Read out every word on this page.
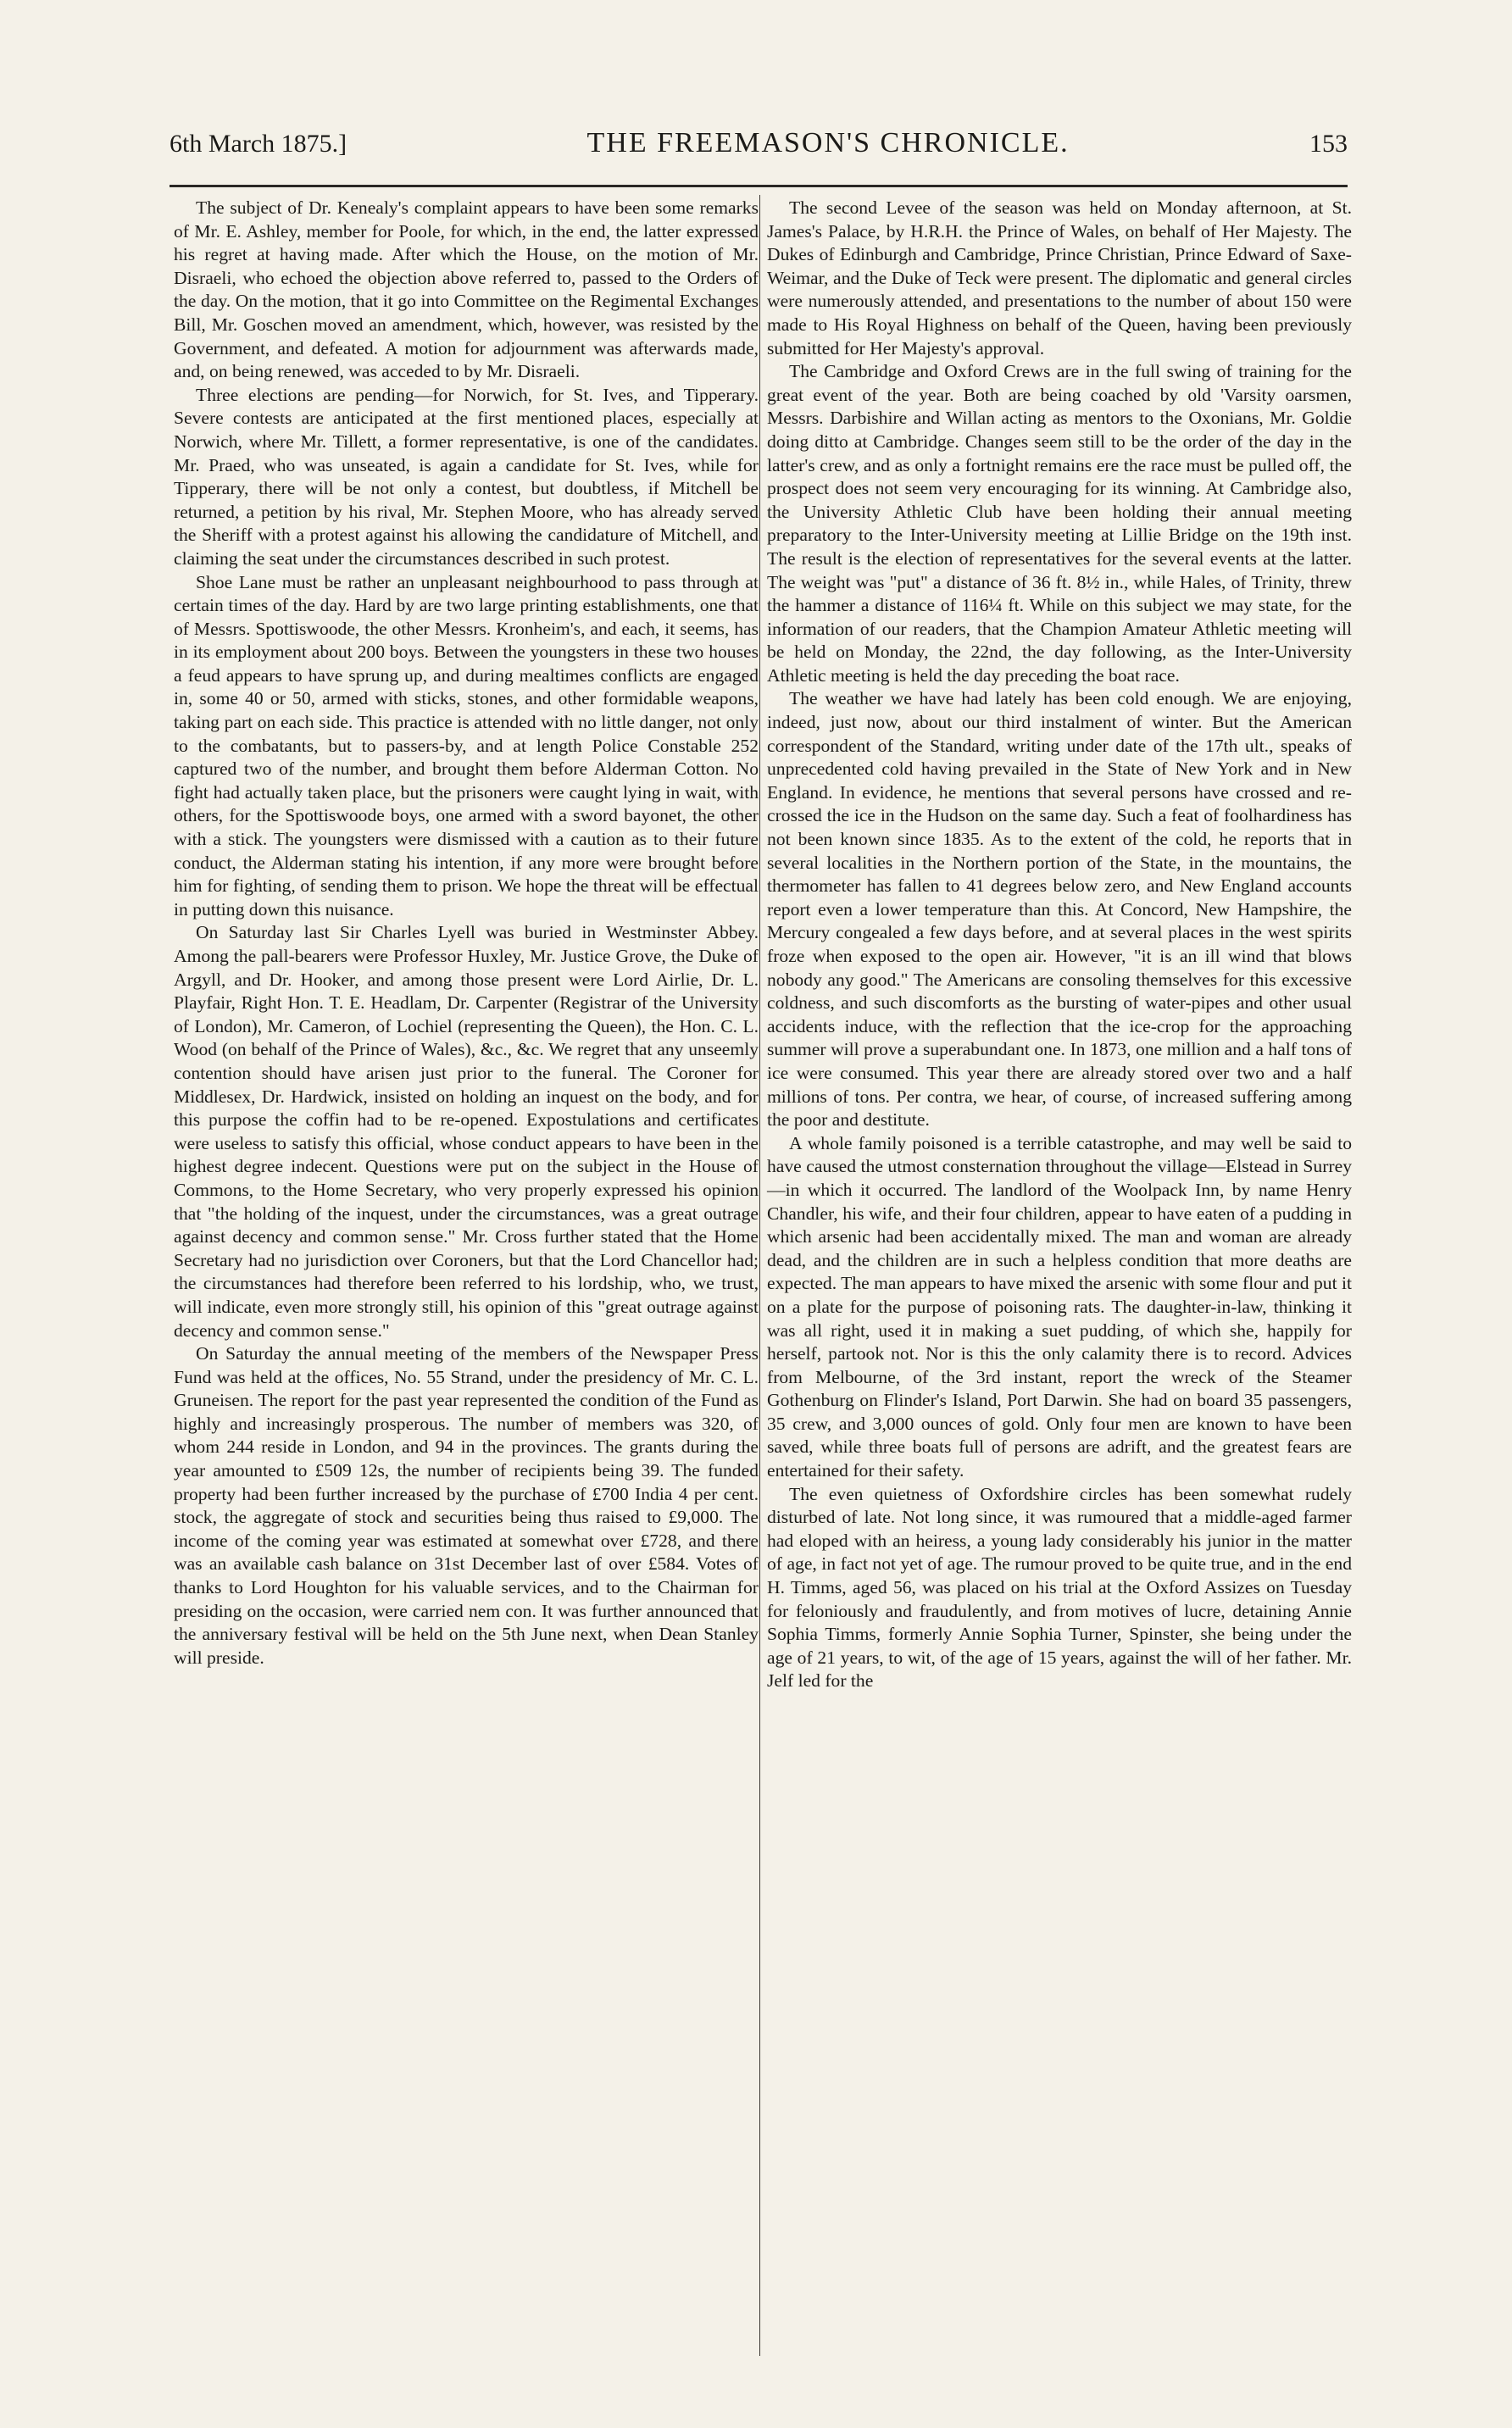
6th March 1875.]	THE FREEMASON'S CHRONICLE.	153

The subject of Dr. Kenealy's complaint appears to have been some remarks of Mr. E. Ashley, member for Poole, for which, in the end, the latter expressed his regret at having made. After which the House, on the motion of Mr. Disraeli, who echoed the objection above referred to, passed to the Orders of the day. On the motion, that it go into Committee on the Regimental Exchanges Bill, Mr. Goschen moved an amendment, which, however, was resisted by the Government, and defeated. A motion for adjournment was afterwards made, and, on being renewed, was acceded to by Mr. Disraeli.

Three elections are pending—for Norwich, for St. Ives, and Tipperary. Severe contests are anticipated at the first mentioned places, especially at Norwich, where Mr. Tillett, a former representative, is one of the candidates. Mr. Praed, who was unseated, is again a candidate for St. Ives, while for Tipperary, there will be not only a contest, but doubtless, if Mitchell be returned, a petition by his rival, Mr. Stephen Moore, who has already served the Sheriff with a protest against his allowing the candidature of Mitchell, and claiming the seat under the circumstances described in such protest.

Shoe Lane must be rather an unpleasant neighbourhood to pass through at certain times of the day. Hard by are two large printing establishments, one that of Messrs. Spottiswoode, the other Messrs. Kronheim's, and each, it seems, has in its employment about 200 boys. Between the youngsters in these two houses a feud appears to have sprung up, and during mealtimes conflicts are engaged in, some 40 or 50, armed with sticks, stones, and other formidable weapons, taking part on each side. This practice is attended with no little danger, not only to the combatants, but to passers-by, and at length Police Constable 252 captured two of the number, and brought them before Alderman Cotton. No fight had actually taken place, but the prisoners were caught lying in wait, with others, for the Spottiswoode boys, one armed with a sword bayonet, the other with a stick. The youngsters were dismissed with a caution as to their future conduct, the Alderman stating his intention, if any more were brought before him for fighting, of sending them to prison. We hope the threat will be effectual in putting down this nuisance.

On Saturday last Sir Charles Lyell was buried in Westminster Abbey. Among the pall-bearers were Professor Huxley, Mr. Justice Grove, the Duke of Argyll, and Dr. Hooker, and among those present were Lord Airlie, Dr. L. Playfair, Right Hon. T. E. Headlam, Dr. Carpenter (Registrar of the University of London), Mr. Cameron, of Lochiel (representing the Queen), the Hon. C. L. Wood (on behalf of the Prince of Wales), &c., &c. We regret that any unseemly contention should have arisen just prior to the funeral. The Coroner for Middlesex, Dr. Hardwick, insisted on holding an inquest on the body, and for this purpose the coffin had to be re-opened. Expostulations and certificates were useless to satisfy this official, whose conduct appears to have been in the highest degree indecent. Questions were put on the subject in the House of Commons, to the Home Secretary, who very properly expressed his opinion that "the holding of the inquest, under the circumstances, was a great outrage against decency and common sense." Mr. Cross further stated that the Home Secretary had no jurisdiction over Coroners, but that the Lord Chancellor had; the circumstances had therefore been referred to his lordship, who, we trust, will indicate, even more strongly still, his opinion of this "great outrage against decency and common sense."

On Saturday the annual meeting of the members of the Newspaper Press Fund was held at the offices, No. 55 Strand, under the presidency of Mr. C. L. Gruneisen. The report for the past year represented the condition of the Fund as highly and increasingly prosperous. The number of members was 320, of whom 244 reside in London, and 94 in the provinces. The grants during the year amounted to £509 12s, the number of recipients being 39. The funded property had been further increased by the purchase of £700 India 4 per cent. stock, the aggregate of stock and securities being thus raised to £9,000. The income of the coming year was estimated at somewhat over £728, and there was an available cash balance on 31st December last of over £584. Votes of thanks to Lord Houghton for his valuable services, and to the Chairman for presiding on the occasion, were carried nem con. It was further announced that the anniversary festival will be held on the 5th June next, when Dean Stanley will preside.

The second Levee of the season was held on Monday afternoon, at St. James's Palace, by H.R.H. the Prince of Wales, on behalf of Her Majesty. The Dukes of Edinburgh and Cambridge, Prince Christian, Prince Edward of Saxe-Weimar, and the Duke of Teck were present. The diplomatic and general circles were numerously attended, and presentations to the number of about 150 were made to His Royal Highness on behalf of the Queen, having been previously submitted for Her Majesty's approval.

The Cambridge and Oxford Crews are in the full swing of training for the great event of the year. Both are being coached by old 'Varsity oarsmen, Messrs. Darbishire and Willan acting as mentors to the Oxonians, Mr. Goldie doing ditto at Cambridge. Changes seem still to be the order of the day in the latter's crew, and as only a fortnight remains ere the race must be pulled off, the prospect does not seem very encouraging for its winning. At Cambridge also, the University Athletic Club have been holding their annual meeting preparatory to the Inter-University meeting at Lillie Bridge on the 19th inst. The result is the election of representatives for the several events at the latter. The weight was "put" a distance of 36 ft. 8½ in., while Hales, of Trinity, threw the hammer a distance of 116¼ ft. While on this subject we may state, for the information of our readers, that the Champion Amateur Athletic meeting will be held on Monday, the 22nd, the day following, as the Inter-University Athletic meeting is held the day preceding the boat race.

The weather we have had lately has been cold enough. We are enjoying, indeed, just now, about our third instalment of winter. But the American correspondent of the Standard, writing under date of the 17th ult., speaks of unprecedented cold having prevailed in the State of New York and in New England. In evidence, he mentions that several persons have crossed and re-crossed the ice in the Hudson on the same day. Such a feat of foolhardiness has not been known since 1835. As to the extent of the cold, he reports that in several localities in the Northern portion of the State, in the mountains, the thermometer has fallen to 41 degrees below zero, and New England accounts report even a lower temperature than this. At Concord, New Hampshire, the Mercury congealed a few days before, and at several places in the west spirits froze when exposed to the open air. However, "it is an ill wind that blows nobody any good." The Americans are consoling themselves for this excessive coldness, and such discomforts as the bursting of water-pipes and other usual accidents induce, with the reflection that the ice-crop for the approaching summer will prove a superabundant one. In 1873, one million and a half tons of ice were consumed. This year there are already stored over two and a half millions of tons. Per contra, we hear, of course, of increased suffering among the poor and destitute.

A whole family poisoned is a terrible catastrophe, and may well be said to have caused the utmost consternation throughout the village—Elstead in Surrey—in which it occurred. The landlord of the Woolpack Inn, by name Henry Chandler, his wife, and their four children, appear to have eaten of a pudding in which arsenic had been accidentally mixed. The man and woman are already dead, and the children are in such a helpless condition that more deaths are expected. The man appears to have mixed the arsenic with some flour and put it on a plate for the purpose of poisoning rats. The daughter-in-law, thinking it was all right, used it in making a suet pudding, of which she, happily for herself, partook not. Nor is this the only calamity there is to record. Advices from Melbourne, of the 3rd instant, report the wreck of the Steamer Gothenburg on Flinder's Island, Port Darwin. She had on board 35 passengers, 35 crew, and 3,000 ounces of gold. Only four men are known to have been saved, while three boats full of persons are adrift, and the greatest fears are entertained for their safety.

The even quietness of Oxfordshire circles has been somewhat rudely disturbed of late. Not long since, it was rumoured that a middle-aged farmer had eloped with an heiress, a young lady considerably his junior in the matter of age, in fact not yet of age. The rumour proved to be quite true, and in the end H. Timms, aged 56, was placed on his trial at the Oxford Assizes on Tuesday for feloniously and fraudulently, and from motives of lucre, detaining Annie Sophia Timms, formerly Annie Sophia Turner, Spinster, she being under the age of 21 years, to wit, of the age of 15 years, against the will of her father. Mr. Jelf led for the
